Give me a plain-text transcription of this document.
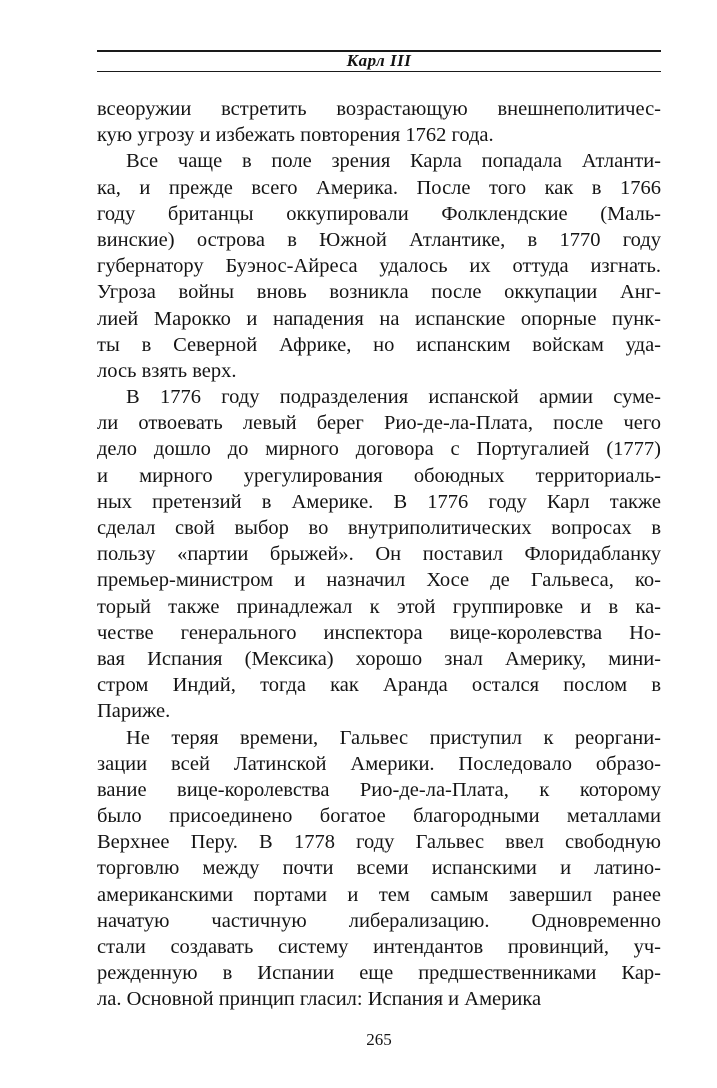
Карл III
всеоружии встретить возрастающую внешнеполитичес-
кую угрозу и избежать повторения 1762 года.
Все чаще в поле зрения Карла попадала Атланти-
ка, и прежде всего Америка. После того как в 1766
году британцы оккупировали Фолклендские (Маль-
винские) острова в Южной Атлантике, в 1770 году
губернатору Буэнос-Айреса удалось их оттуда изгнать.
Угроза войны вновь возникла после оккупации Анг-
лией Марокко и нападения на испанские опорные пунк-
ты в Северной Африке, но испанским войскам уда-
лось взять верх.
В 1776 году подразделения испанской армии суме-
ли отвоевать левый берег Рио-де-ла-Плата, после чего
дело дошло до мирного договора с Португалией (1777)
и мирного урегулирования обоюдных территориаль-
ных претензий в Америке. В 1776 году Карл также
сделал свой выбор во внутриполитических вопросах в
пользу «партии брыжей». Он поставил Флоридабланку
премьер-министром и назначил Хосе де Гальвеса, ко-
торый также принадлежал к этой группировке и в ка-
честве генерального инспектора вице-королевства Но-
вая Испания (Мексика) хорошо знал Америку, мини-
стром Индий, тогда как Аранда остался послом в
Париже.
Не теряя времени, Гальвес приступил к реоргани-
зации всей Латинской Америки. Последовало образо-
вание вице-королевства Рио-де-ла-Плата, к которому
было присоединено богатое благородными металлами
Верхнее Перу. В 1778 году Гальвес ввел свободную
торговлю между почти всеми испанскими и латино-
американскими портами и тем самым завершил ранее
начатую частичную либерализацию. Одновременно
стали создавать систему интендантов провинций, уч-
режденную в Испании еще предшественниками Кар-
ла. Основной принцип гласил: Испания и Америка
265
